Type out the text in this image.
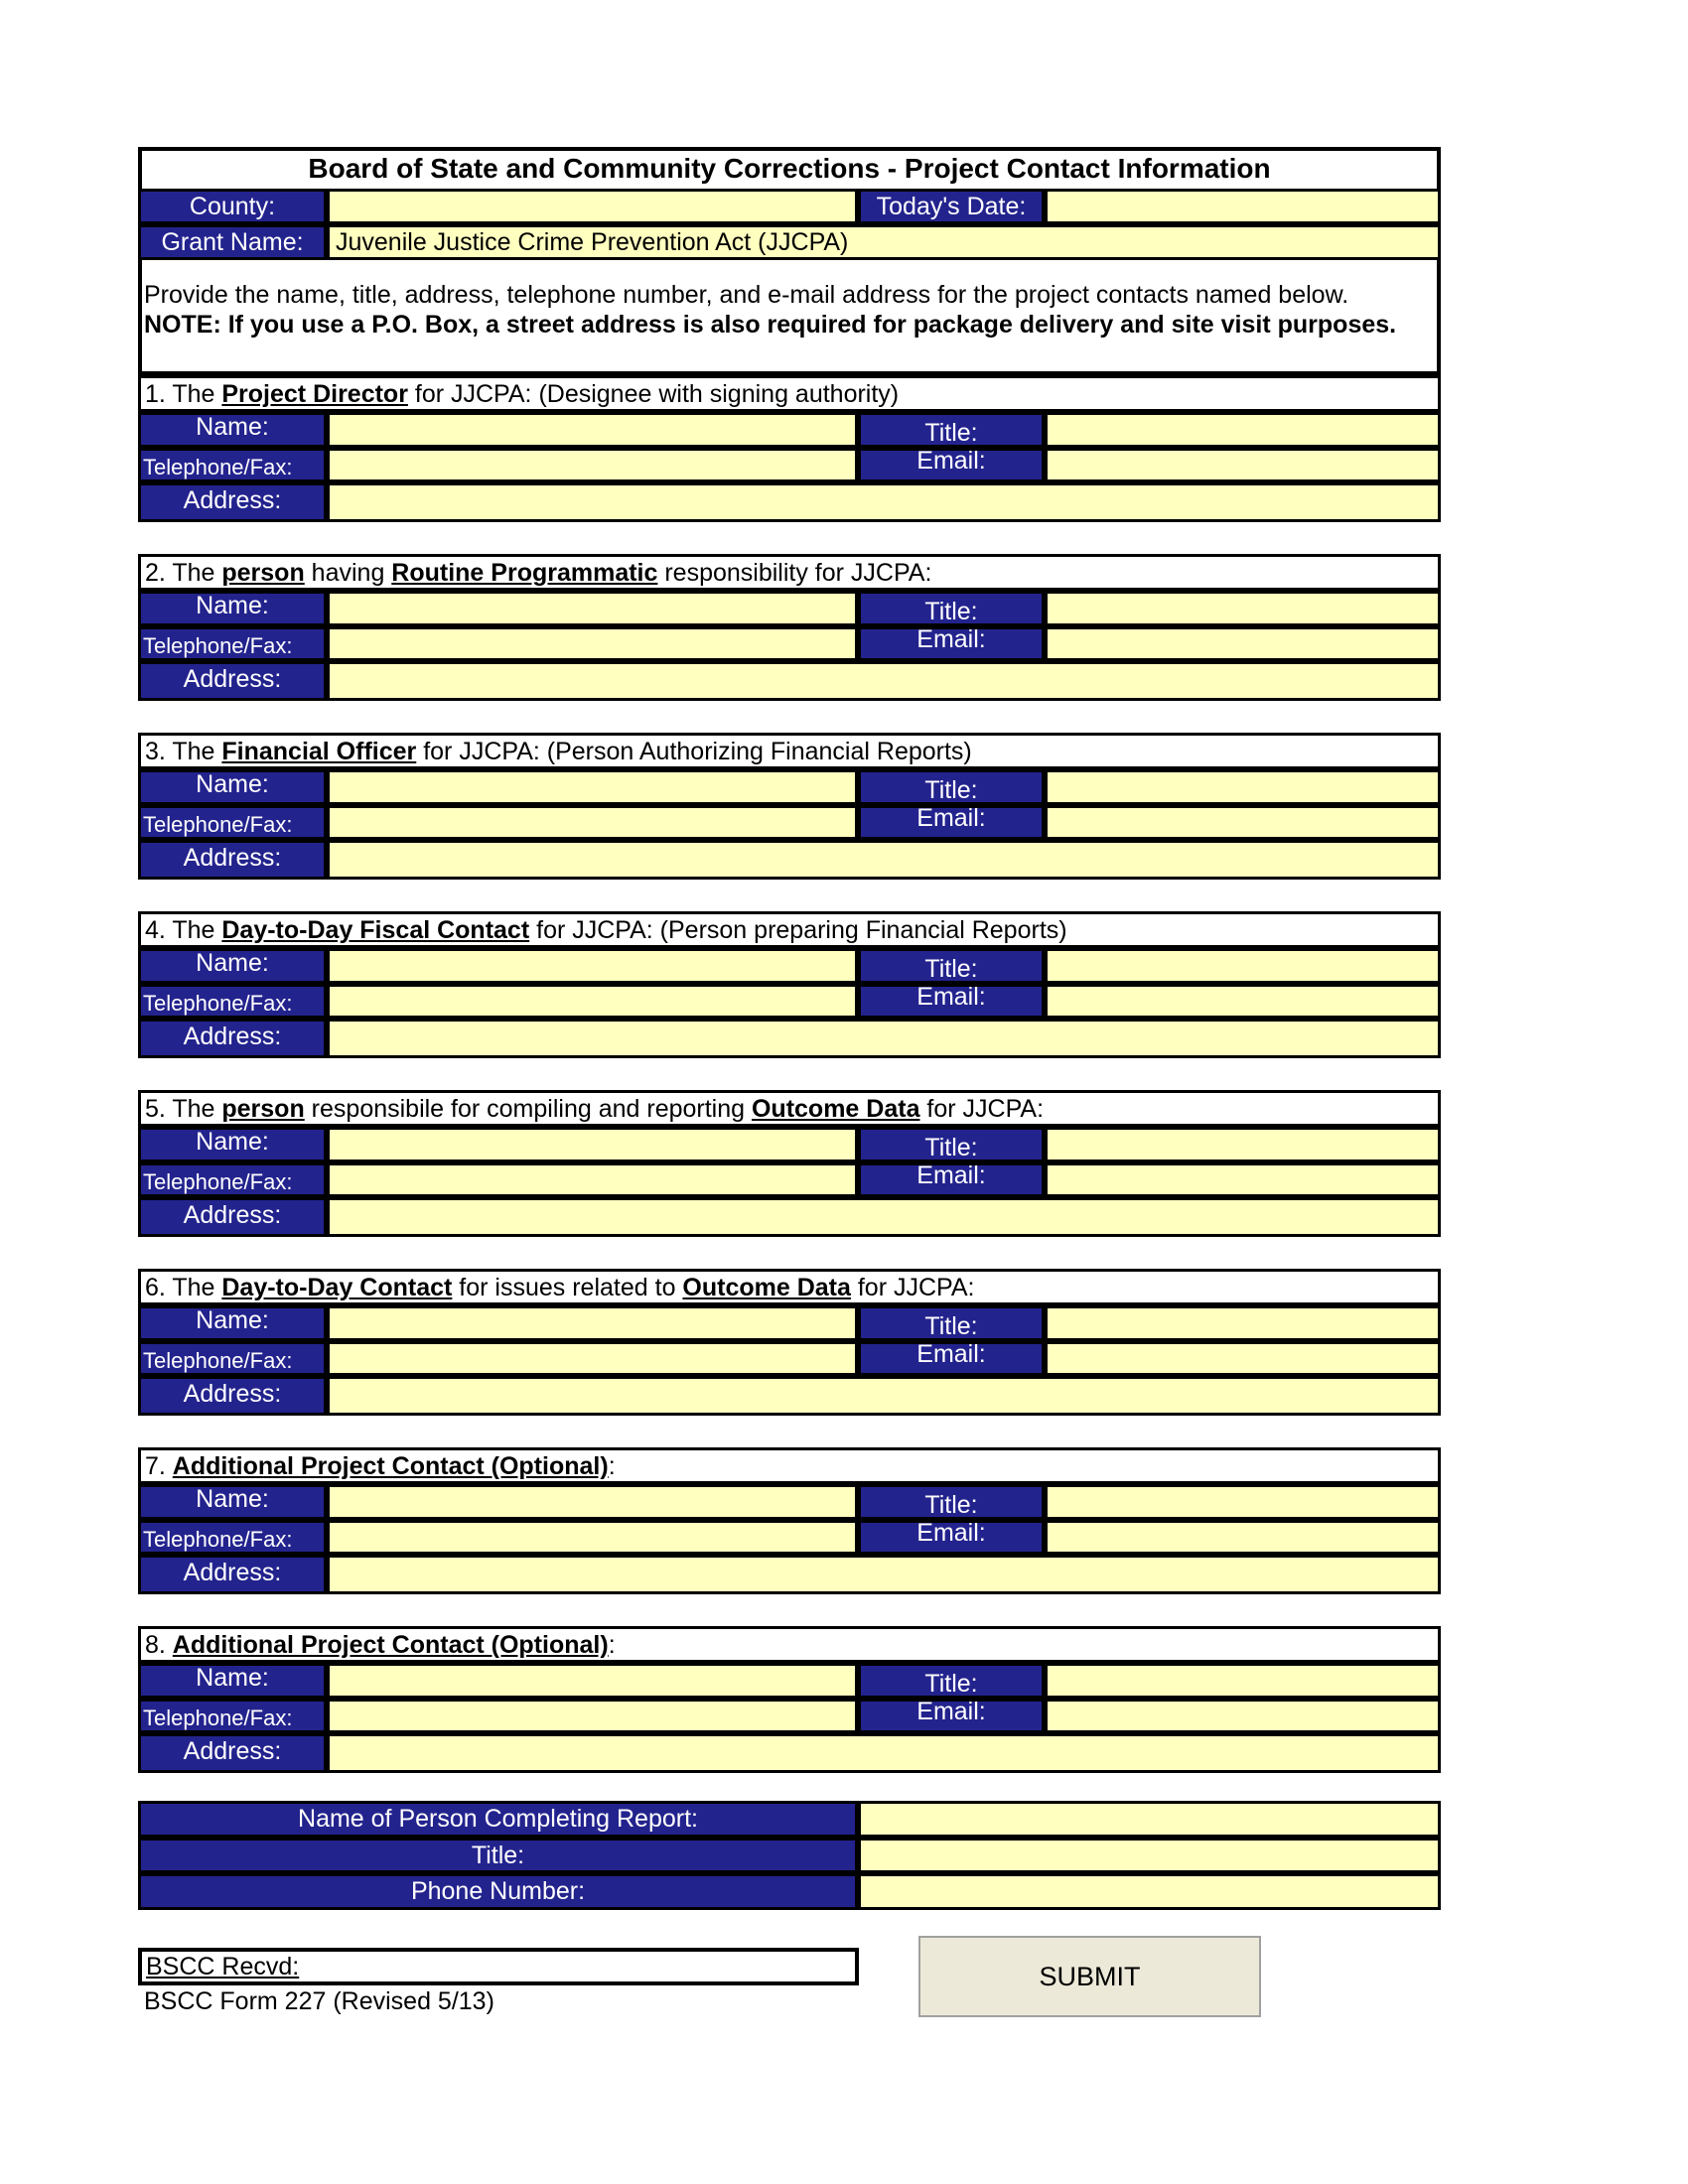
Board of State and Community Corrections - Project Contact Information
County:	Today's Date:
Grant Name:	Juvenile Justice Crime Prevention Act (JJCPA)
Provide the name, title, address, telephone number, and e-mail address for the project contacts named below.
NOTE: If you use a P.O. Box, a street address is also required for package delivery and site visit purposes.
1. The Project Director for JJCPA: (Designee with signing authority)
Name:	Title:
Telephone/Fax:	Email:
Address:
2. The person having Routine Programmatic responsibility for JJCPA:
Name:	Title:
Telephone/Fax:	Email:
Address:
3. The Financial Officer for JJCPA: (Person Authorizing Financial Reports)
Name:	Title:
Telephone/Fax:	Email:
Address:
4. The Day-to-Day Fiscal Contact for JJCPA: (Person preparing Financial Reports)
Name:	Title:
Telephone/Fax:	Email:
Address:
5. The person responsibile for compiling and reporting Outcome Data for JJCPA:
Name:	Title:
Telephone/Fax:	Email:
Address:
6. The Day-to-Day Contact for issues related to Outcome Data for JJCPA:
Name:	Title:
Telephone/Fax:	Email:
Address:
7. Additional Project Contact (Optional):
Name:	Title:
Telephone/Fax:	Email:
Address:
8. Additional Project Contact (Optional):
Name:	Title:
Telephone/Fax:	Email:
Address:
Name of Person Completing Report:
Title:
Phone Number:
BSCC Recvd:	SUBMIT
BSCC Form 227 (Revised 5/13)
